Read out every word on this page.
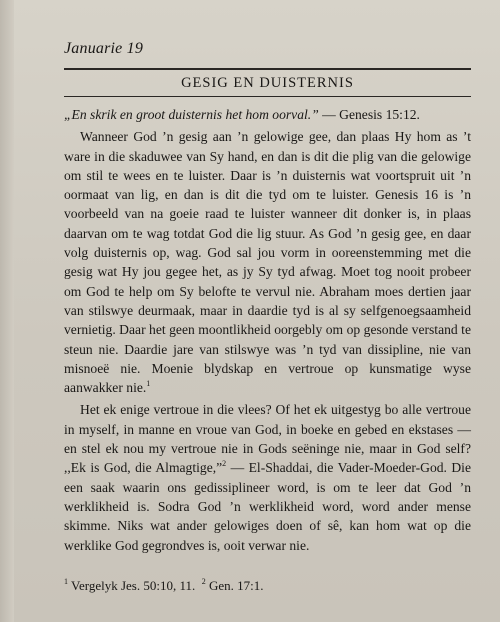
Januarie 19
GESIG EN DUISTERNIS

„En skrik en groot duisternis het hom oorval.” — Genesis 15:12.

Wanneer God ’n gesig aan ’n gelowige gee, dan plaas Hy hom as ’t ware in die skaduwee van Sy hand, en dan is dit die plig van die gelowige om stil te wees en te luister. Daar is ’n duisternis wat voortspruit uit ’n oormaat van lig, en dan is dit die tyd om te luister. Genesis 16 is ’n voorbeeld van na goeie raad te luister wanneer dit donker is, in plaas daarvan om te wag totdat God die lig stuur. As God ’n gesig gee, en daar volg duisternis op, wag. God sal jou vorm in ooreenstemming met die gesig wat Hy jou gegee het, as jy Sy tyd afwag. Moet tog nooit probeer om God te help om Sy belofte te vervul nie. Abraham moes dertien jaar van stilswye deurmaak, maar in daardie tyd is al sy selfgenoegsaamheid vernietig. Daar het geen moontlikheid oorgebly om op gesonde verstand te steun nie. Daardie jare van stilswye was ’n tyd van dissipline, nie van misnoeë nie. Moenie blydskap en vertroue op kunsmatige wyse aanwakker nie.$^1$

Het ek enige vertroue in die vlees? Of het ek uitgestyg bo alle vertroue in myself, in manne en vroue van God, in boeke en gebed en ekstases — en stel ek nou my vertroue nie in Gods seëninge nie, maar in God self? ,,Ek is God, die Almagtige,”$^2$ — El-Shaddai, die Vader-Moeder-God. Die een saak waarin ons gedissiplineer word, is om te leer dat God ’n werklikheid is. Sodra God ’n werklikheid word, word ander mense skimme. Niks wat ander gelowiges doen of sê, kan hom wat op die werklike God gegrondves is, ooit verwar nie.

$^1$ Vergelyk Jes. 50:10, 11. $^2$ Gen. 17:1.
